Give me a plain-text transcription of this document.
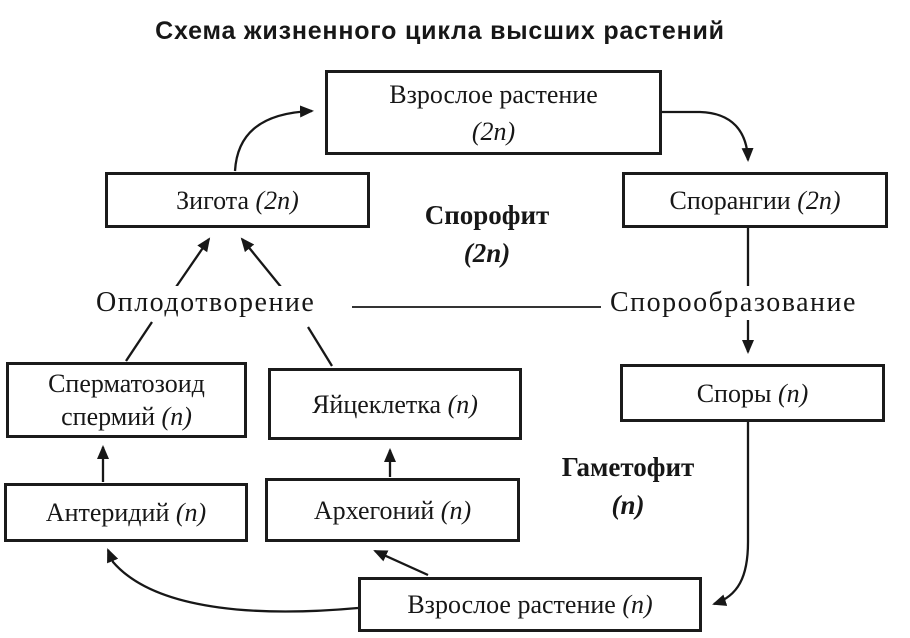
Схема жизненного цикла высших растений
Взрослое растение
(2n)
Зигота (2n)	Спорангии (2n)
Сперматозоид
спермий (n)	Яйцеклетка (n)	Споры (n)
Антеридий (n)	Архегоний (n)
Взрослое растение (n)
Спорофит
(2n)
Гаметофит
(n)
Оплодотворение	Спорообразование
